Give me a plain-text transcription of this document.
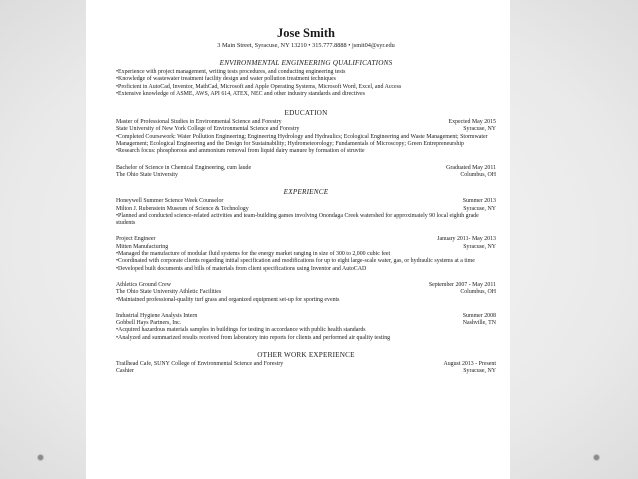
Jose Smith
3 Main Street, Syracuse, NY 13210 • 315.777.8888 • jsmit04@syr.edu
ENVIRONMENTAL ENGINEERING QUALIFICATIONS
•Experience with project management, writing tests procedures, and conducting engineering tests
•Knowledge of wastewater treatment facility design and water pollution treatment techniques
•Proficient in AutoCad, Inventor, MathCad, Microsoft and Apple Operating Systems, Microsoft Word, Excel, and Access
•Extensive knowledge of ASME, AWS, API 614, ATEX, NEC and other industry standards and directives
EDUCATION
Master of Professional Studies in Environmental Science and Forestry	Expected May 2015
State University of New York College of Environmental Science and Forestry	Syracuse, NY
•Completed Coursework: Water Pollution Engineering; Engineering Hydrology and Hydraulics; Ecological Engineering and Waste Management; Stormwater Management; Ecological Engineering and the Design for Sustainability; Hydrometeorology; Fundamentals of Microscopy; Green Entrepreneurship
•Research focus: phosphorous and ammonium removal from liquid dairy manure by formation of struvite
Bachelor of Science in Chemical Engineering, cum laude	Graduated May 2011
The Ohio State University	Columbus, OH
EXPERIENCE
Honeywell Summer Science Week Counselor	Summer 2013
Milton J. Rubenstein Museum of Science & Technology	Syracuse, NY
•Planned and conducted science-related activities and team-building games involving Onondaga Creek watershed for approximately 90 local eighth grade students
Project Engineer	January 2011- May 2013
Mitten Manufacturing	Syracuse, NY
•Managed the manufacture of modular fluid systems for the energy market ranging in size of 300 to 2,000 cubic feet
•Coordinated with corporate clients regarding initial specification and modifications for up to eight large-scale water, gas, or hydraulic systems at a time
•Developed built documents and bills of materials from client specifications using Inventor and AutoCAD
Athletics Ground Crew	September 2007 - May 2011
The Ohio State University Athletic Facilities	Columbus, OH
•Maintained professional-quality turf grass and organized equipment set-up for sporting events
Industrial Hygiene Analysis Intern	Summer 2008
Gobbell Hays Partners, Inc.	Nashville, TN
•Acquired hazardous materials samples in buildings for testing in accordance with public health standards
•Analyzed and summarized results received from laboratory into reports for clients and performed air quality testing
OTHER WORK EXPERIENCE
Trailhead Cafe, SUNY College of Environmental Science and Forestry	August 2013 - Present
Cashier	Syracuse, NY
